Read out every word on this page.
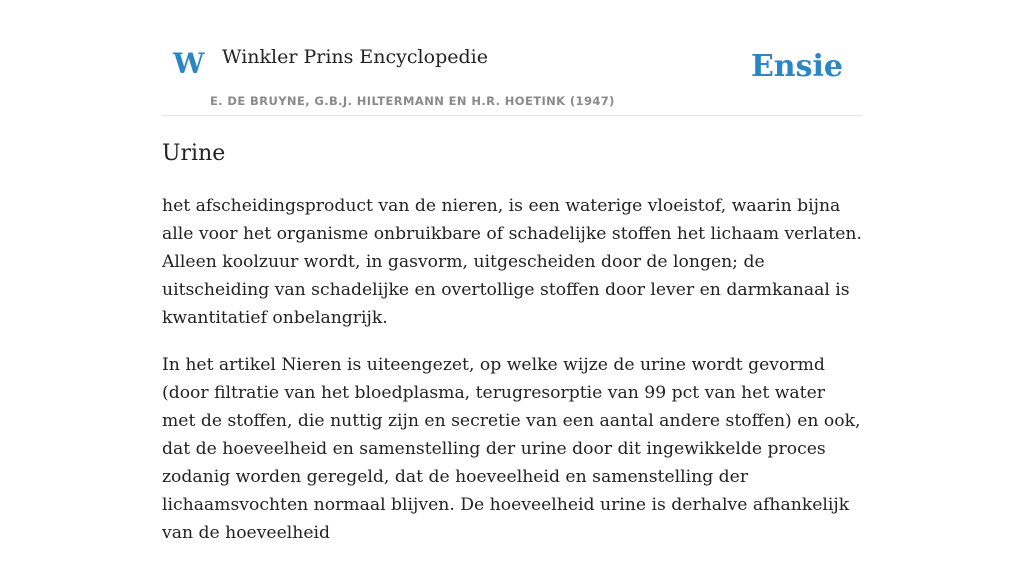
W Winkler Prins Encyclopedie
E. DE BRUYNE, G.B.J. HILTERMANN EN H.R. HOETINK (1947)
Ensie
Urine

het afscheidingsproduct van de nieren, is een waterige vloeistof, waarin bijna alle voor het organisme onbruikbare of schadelijke stoffen het lichaam verlaten. Alleen koolzuur wordt, in gasvorm, uitgescheiden door de longen; de uitscheiding van schadelijke en overtollige stoffen door lever en darmkanaal is kwantitatief onbelangrijk.

In het artikel Nieren is uiteengezet, op welke wijze de urine wordt gevormd (door filtratie van het bloedplasma, terugresorptie van 99 pct van het water met de stoffen, die nuttig zijn en secretie van een aantal andere stoffen) en ook, dat de hoeveelheid en samenstelling der urine door dit ingewikkelde proces zodanig worden geregeld, dat de hoeveelheid en samenstelling der lichaamsvochten normaal blijven. De hoeveelheid urine is derhalve afhankelijk van de hoeveelheid
